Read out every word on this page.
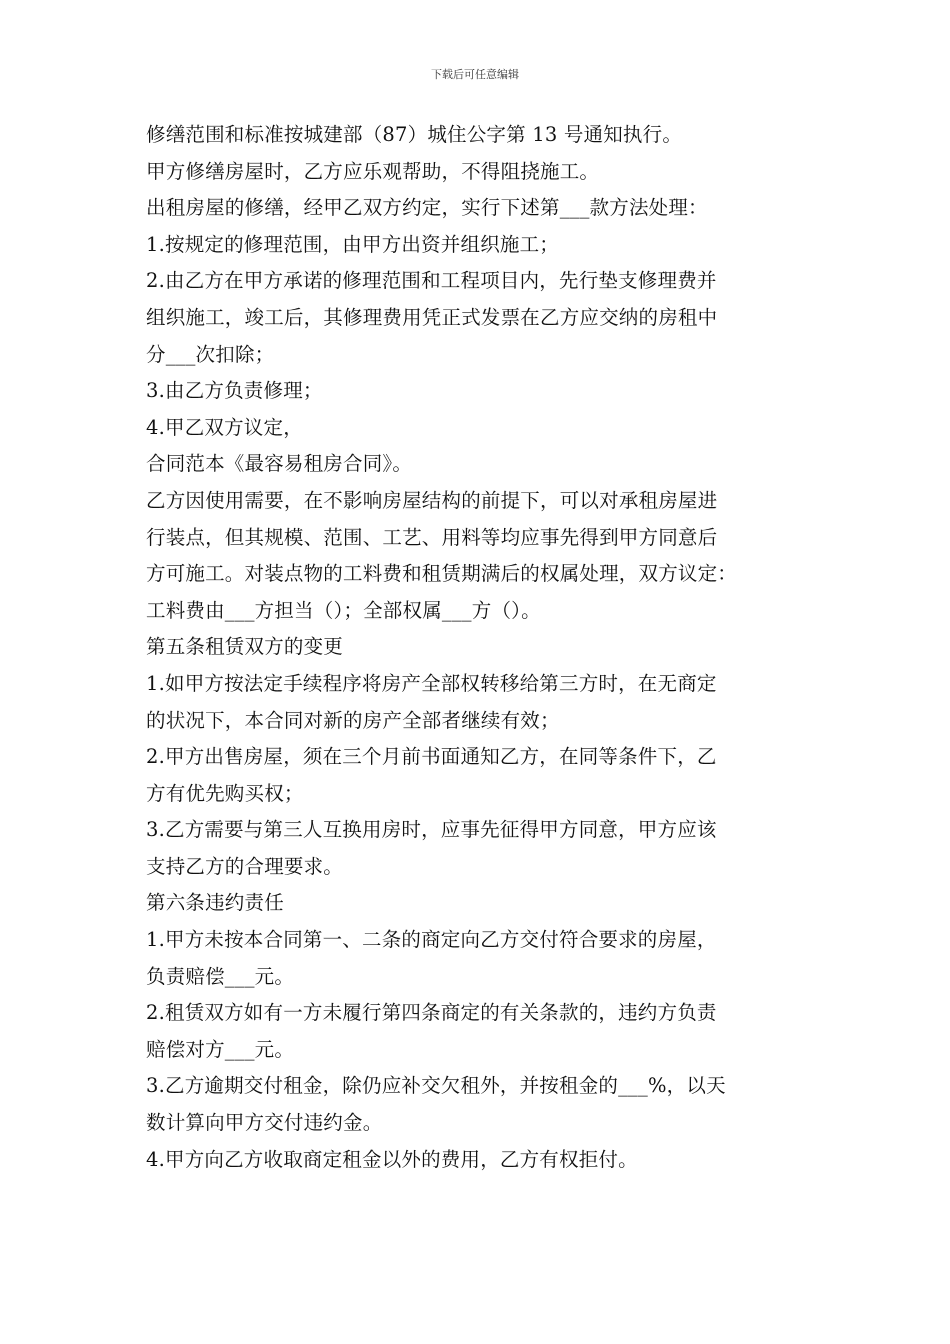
下载后可任意编辑
修缮范围和标准按城建部（87）城住公字第 13 号通知执行。
甲方修缮房屋时，乙方应乐观帮助，不得阻挠施工。
出租房屋的修缮，经甲乙双方约定，实行下述第___款方法处理：
1.按规定的修理范围，由甲方出资并组织施工；
2.由乙方在甲方承诺的修理范围和工程项目内，先行垫支修理费并
组织施工，竣工后，其修理费用凭正式发票在乙方应交纳的房租中
分___次扣除；
3.由乙方负责修理；
4.甲乙双方议定，
合同范本《最容易租房合同》。
乙方因使用需要，在不影响房屋结构的前提下，可以对承租房屋进
行装点，但其规模、范围、工艺、用料等均应事先得到甲方同意后
方可施工。对装点物的工料费和租赁期满后的权属处理，双方议定：
工料费由___方担当（）；全部权属___方（）。
第五条租赁双方的变更
1.如甲方按法定手续程序将房产全部权转移给第三方时，在无商定
的状况下，本合同对新的房产全部者继续有效；
2.甲方出售房屋，须在三个月前书面通知乙方，在同等条件下，乙
方有优先购买权；
3.乙方需要与第三人互换用房时，应事先征得甲方同意，甲方应该
支持乙方的合理要求。
第六条违约责任
1.甲方未按本合同第一、二条的商定向乙方交付符合要求的房屋，
负责赔偿___元。
2.租赁双方如有一方未履行第四条商定的有关条款的，违约方负责
赔偿对方___元。
3.乙方逾期交付租金，除仍应补交欠租外，并按租金的___%，以天
数计算向甲方交付违约金。
4.甲方向乙方收取商定租金以外的费用，乙方有权拒付。
